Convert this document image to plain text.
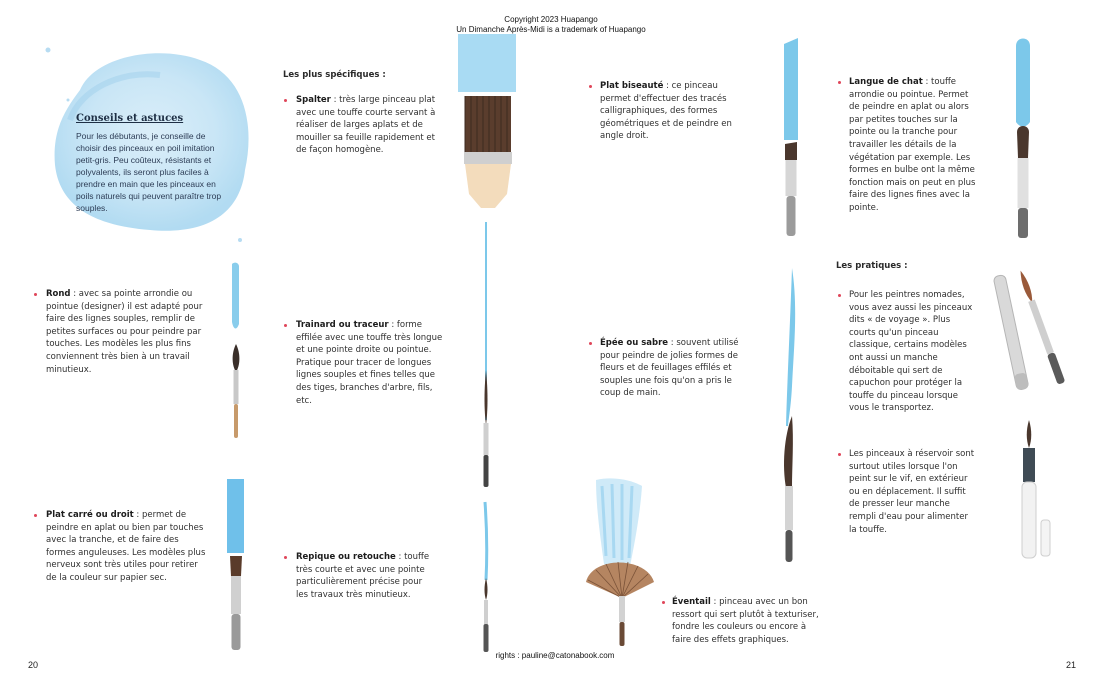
Copyright 2023 Huapango
Un Dimanche Après-Midi is a trademark of Huapango
Conseils et astuces
Pour les débutants, je conseille de choisir des pinceaux en poil imitation petit-gris. Peu coûteux, résistants et polyvalents, ils seront plus faciles à prendre en main que les pinceaux en poils naturels qui peuvent paraître trop souples.
Rond : avec sa pointe arrondie ou pointue (designer) il est adapté pour faire des lignes souples, remplir de petites surfaces ou pour peindre par touches. Les modèles les plus fins conviennent très bien à un travail minutieux.
Plat carré ou droit : permet de peindre en aplat ou bien par touches avec la tranche, et de faire des formes anguleuses. Les modèles plus nerveux sont très utiles pour retirer de la couleur sur papier sec.
Les plus spécifiques :
Spalter : très large pinceau plat avec une touffe courte servant à réaliser de larges aplats et de mouiller sa feuille rapidement et de façon homogène.
Trainard ou traceur : forme effilée avec une touffe très longue et une pointe droite ou pointue. Pratique pour tracer de longues lignes souples et fines telles que des tiges, branches d'arbre, fils, etc.
Repique ou retouche : touffe très courte et avec une pointe particulièrement précise pour les travaux très minutieux.
rights : pauline@catonabook.com
Plat biseauté : ce pinceau permet d'effectuer des tracés calligraphiques, des formes géométriques et de peindre en angle droit.
Épée ou sabre : souvent utilisé pour peindre de jolies formes de fleurs et de feuillages effilés et souples une fois qu'on a pris le coup de main.
Éventail : pinceau avec un bon ressort qui sert plutôt à texturiser, fondre les couleurs ou encore à faire des effets graphiques.
Langue de chat : touffe arrondie ou pointue. Permet de peindre en aplat ou alors par petites touches sur la pointe ou la tranche pour travailler les détails de la végétation par exemple. Les formes en bulbe ont la même fonction mais on peut en plus faire des lignes fines avec la pointe.
Les pratiques :
Pour les peintres nomades, vous avez aussi les pinceaux dits « de voyage ». Plus courts qu'un pinceau classique, certains modèles ont aussi un manche déboitable qui sert de capuchon pour protéger la touffe du pinceau lorsque vous le transportez.
Les pinceaux à réservoir sont surtout utiles lorsque l'on peint sur le vif, en extérieur ou en déplacement. Il suffit de presser leur manche rempli d'eau pour alimenter la touffe.
20	21
